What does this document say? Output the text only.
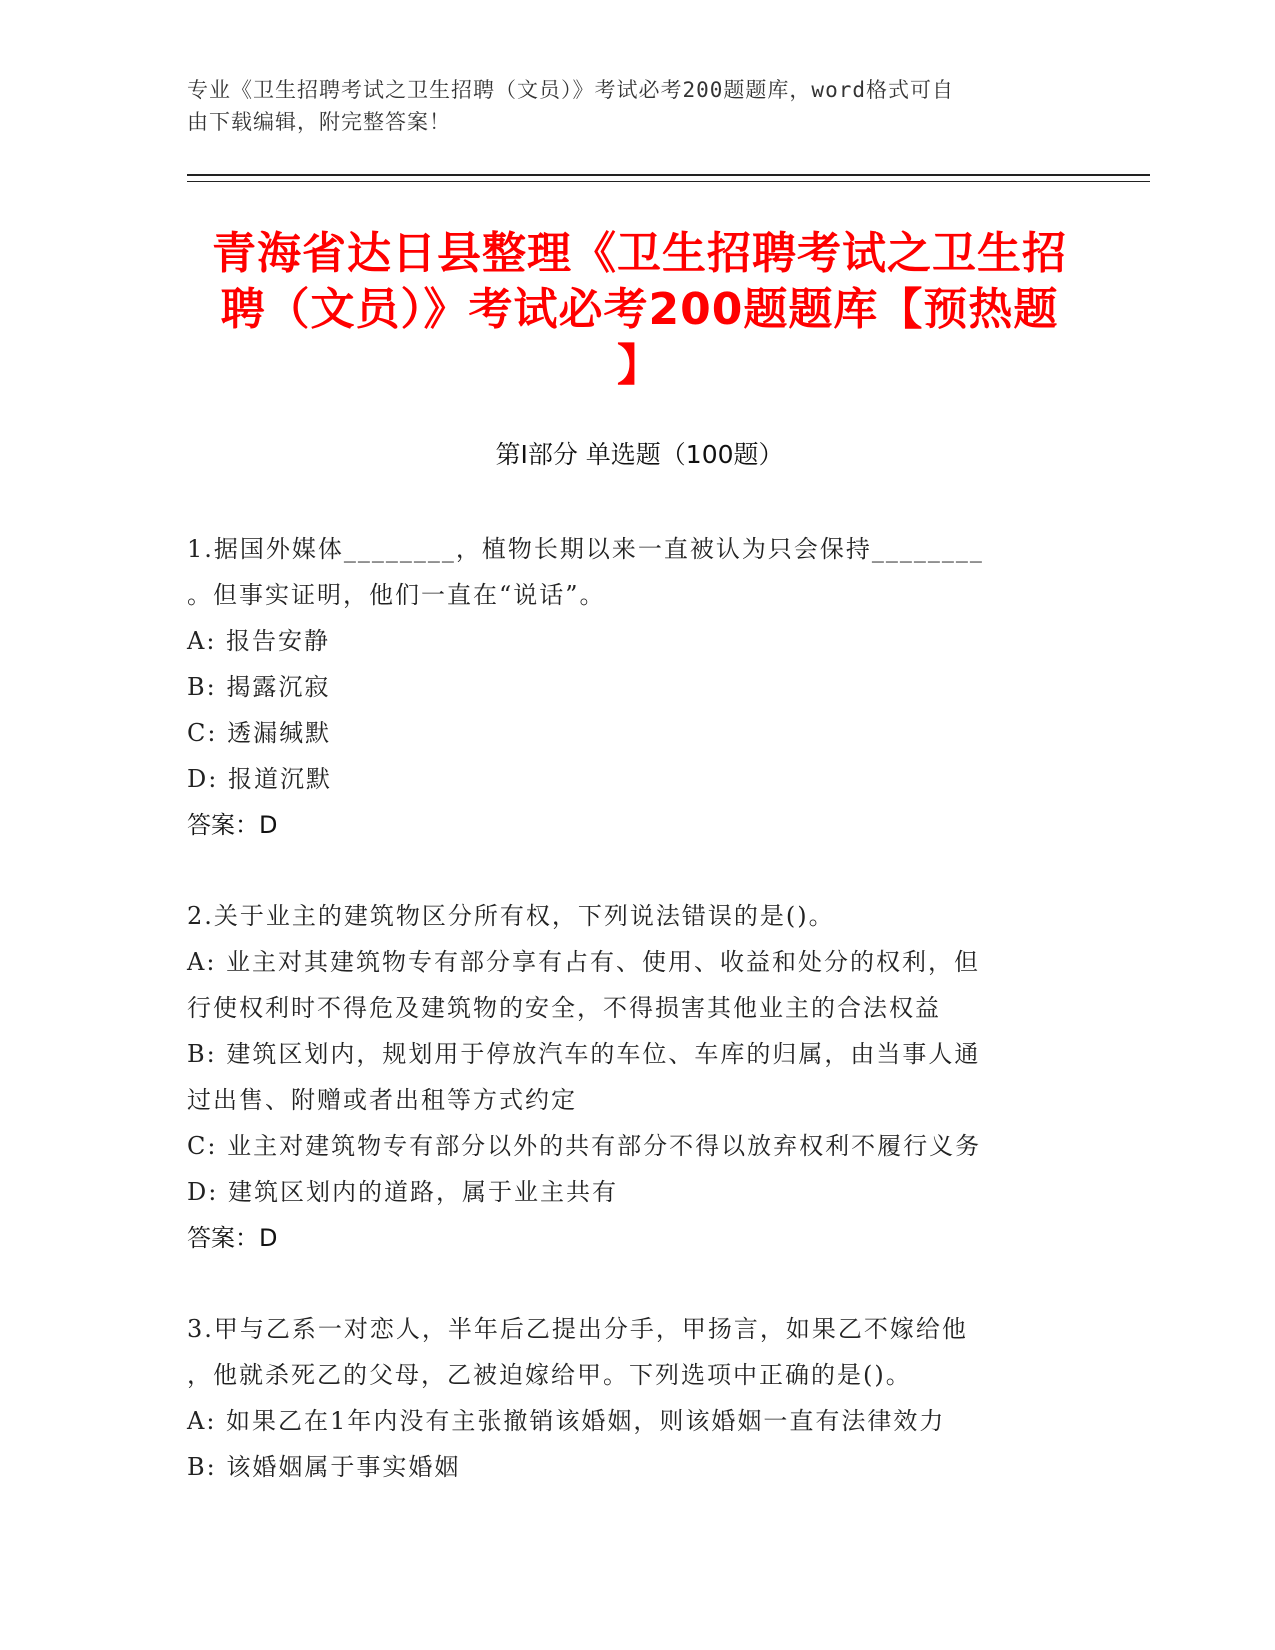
专业《卫生招聘考试之卫生招聘（文员）》考试必考200题题库，word格式可自
由下载编辑，附完整答案！
青海省达日县整理《卫生招聘考试之卫生招
聘（文员）》考试必考200题题库【预热题
】
第I部分 单选题（100题）

1.据国外媒体________，植物长期以来一直被认为只会保持________

。但事实证明，他们一直在“说话”。

A: 报告安静

B: 揭露沉寂

C: 透漏缄默

D: 报道沉默

答案：D

2.关于业主的建筑物区分所有权，下列说法错误的是()。

A: 业主对其建筑物专有部分享有占有、使用、收益和处分的权利，但

行使权利时不得危及建筑物的安全，不得损害其他业主的合法权益

B: 建筑区划内，规划用于停放汽车的车位、车库的归属，由当事人通

过出售、附赠或者出租等方式约定

C: 业主对建筑物专有部分以外的共有部分不得以放弃权利不履行义务

D: 建筑区划内的道路，属于业主共有

答案：D

3.甲与乙系一对恋人，半年后乙提出分手，甲扬言，如果乙不嫁给他

，他就杀死乙的父母，乙被迫嫁给甲。下列选项中正确的是()。

A: 如果乙在1年内没有主张撤销该婚姻，则该婚姻一直有法律效力

B: 该婚姻属于事实婚姻
